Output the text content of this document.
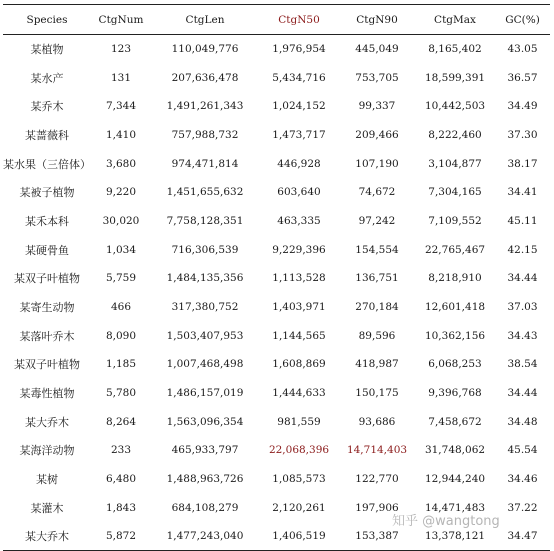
Species	CtgNum	CtgLen	CtgN50	CtgN90	CtgMax	GC(%)
某植物	123	110,049,776	1,976,954	445,049	8,165,402	43.05
某水产	131	207,636,478	5,434,716	753,705	18,599,391	36.57
某乔木	7,344	1,491,261,343	1,024,152	99,337	10,442,503	34.49
某蔷薇科	1,410	757,988,732	1,473,717	209,466	8,222,460	37.30
某水果（三倍体）	3,680	974,471,814	446,928	107,190	3,104,877	38.17
某被子植物	9,220	1,451,655,632	603,640	74,672	7,304,165	34.41
某禾本科	30,020	7,758,128,351	463,335	97,242	7,109,552	45.11
某硬骨鱼	1,034	716,306,539	9,229,396	154,554	22,765,467	42.15
某双子叶植物	5,759	1,484,135,356	1,113,528	136,751	8,218,910	34.44
某寄生动物	466	317,380,752	1,403,971	270,184	12,601,418	37.03
某落叶乔木	8,090	1,503,407,953	1,144,565	89,596	10,362,156	34.43
某双子叶植物	1,185	1,007,468,498	1,608,869	418,987	6,068,253	38.54
某毒性植物	5,780	1,486,157,019	1,444,633	150,175	9,396,768	34.44
某大乔木	8,264	1,563,096,354	981,559	93,686	7,458,672	34.48
某海洋动物	233	465,933,797	22,068,396	14,714,403	31,748,062	45.54
某树	6,480	1,488,963,726	1,085,573	122,770	12,944,240	34.46
某灌木	1,843	684,108,279	2,120,261	197,906	14,471,483	37.22
某大乔木	5,872	1,477,243,040	1,406,519	153,387	13,378,121	34.47
知乎 @wangtong
